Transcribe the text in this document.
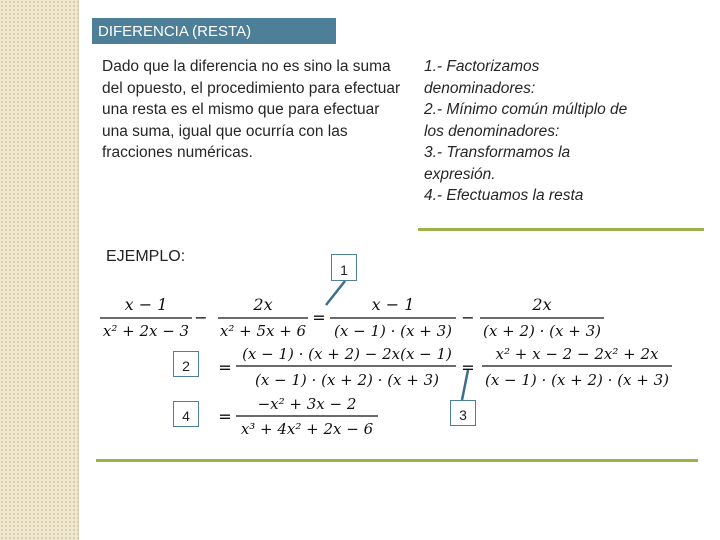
DIFERENCIA (RESTA)
Dado que la diferencia no es sino la suma del opuesto, el procedimiento para efectuar una resta es el mismo que para efectuar una suma, igual que ocurría con las fracciones numéricas.
1.- Factorizamos
denominadores:
2.- Mínimo común múltiplo de
los denominadores:
3.- Transformamos la
expresión.
4.- Efectuamos la resta
EJEMPLO:
1
2
4	3
x − 1
x² + 2x − 3
−
2x
x² + 5x + 6
=
x − 1
(x − 1) · (x + 3)
−
2x
(x + 2) · (x + 3)
=
(x − 1) · (x + 2) − 2x(x − 1)
(x − 1) · (x + 2) · (x + 3)
=
x² + x − 2 − 2x² + 2x
(x − 1) · (x + 2) · (x + 3)
=
−x² + 3x − 2
x³ + 4x² + 2x − 6
